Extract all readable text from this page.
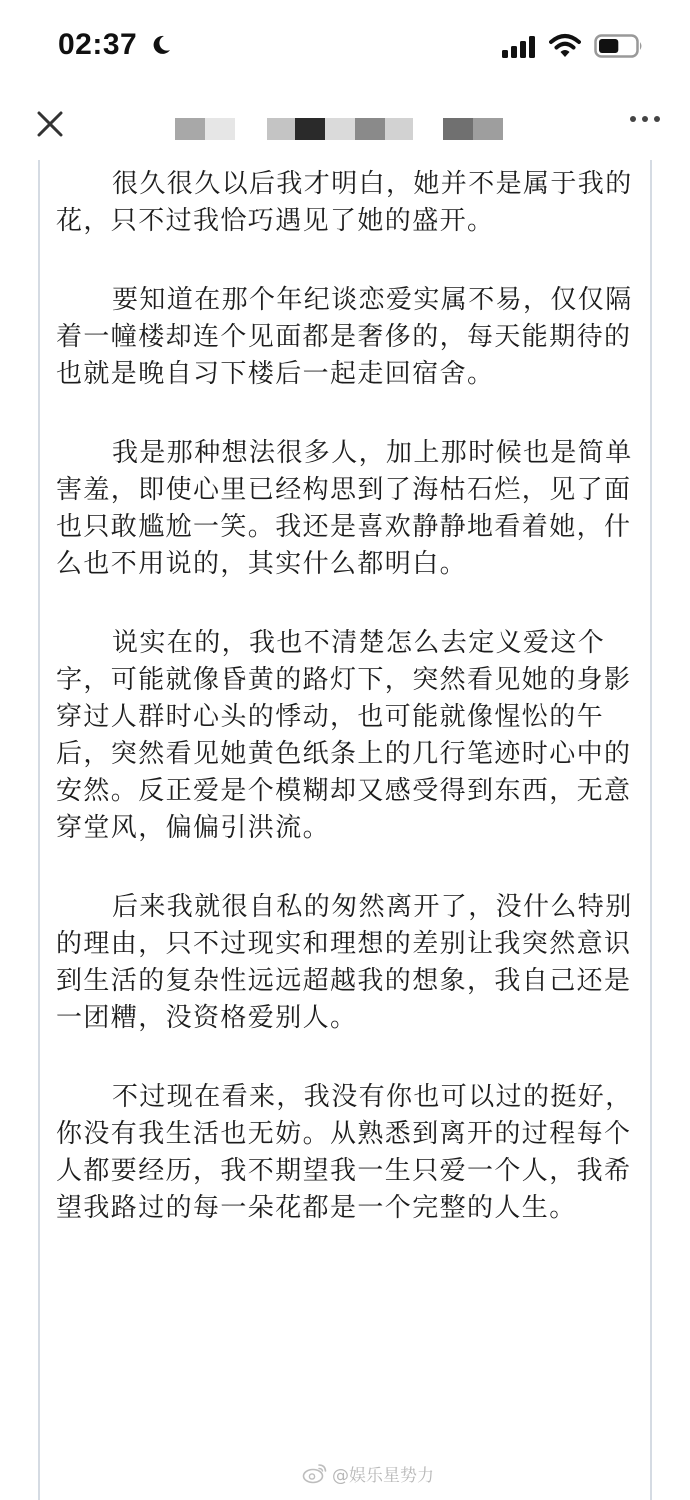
02:37

很久很久以后我才明白，她并不是属于我的花，只不过我恰巧遇见了她的盛开。

要知道在那个年纪谈恋爱实属不易，仅仅隔着一幢楼却连个见面都是奢侈的，每天能期待的也就是晚自习下楼后一起走回宿舍。

我是那种想法很多人，加上那时候也是简单害羞，即使心里已经构思到了海枯石烂，见了面也只敢尴尬一笑。我还是喜欢静静地看着她，什么也不用说的，其实什么都明白。

说实在的，我也不清楚怎么去定义爱这个字，可能就像昏黄的路灯下，突然看见她的身影穿过人群时心头的悸动，也可能就像惺忪的午后，突然看见她黄色纸条上的几行笔迹时心中的安然。反正爱是个模糊却又感受得到东西，无意穿堂风，偏偏引洪流。

后来我就很自私的匆然离开了，没什么特别的理由，只不过现实和理想的差别让我突然意识到生活的复杂性远远超越我的想象，我自己还是一团糟，没资格爱别人。

不过现在看来，我没有你也可以过的挺好，你没有我生活也无妨。从熟悉到离开的过程每个人都要经历，我不期望我一生只爱一个人，我希望我路过的每一朵花都是一个完整的人生。

@娱乐星势力
